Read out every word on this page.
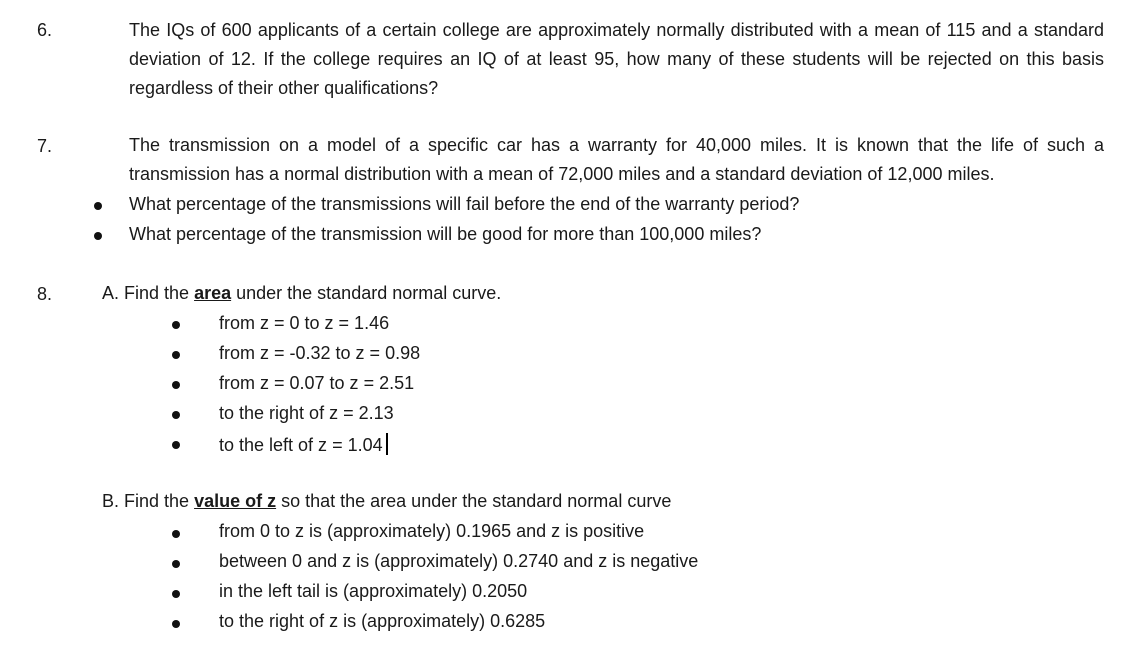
6.	The IQs of 600 applicants of a certain college are approximately normally distributed with a mean of 115 and a standard deviation of 12. If the college requires an IQ of at least 95, how many of these students will be rejected on this basis regardless of their other qualifications?
7.	The transmission on a model of a specific car has a warranty for 40,000 miles. It is known that the life of such a transmission has a normal distribution with a mean of 72,000 miles and a standard deviation of 12,000 miles.
What percentage of the transmissions will fail before the end of the warranty period?
What percentage of the transmission will be good for more than 100,000 miles?
8.	A. Find the area under the standard normal curve.
from z = 0 to z = 1.46
from z = -0.32 to z = 0.98
from z = 0.07 to z = 2.51
to the right of z = 2.13
to the left of z = 1.04
B. Find the value of z so that the area under the standard normal curve
from 0 to z is (approximately) 0.1965 and z is positive
between 0 and z is (approximately) 0.2740 and z is negative
in the left tail is (approximately) 0.2050
to the right of z is (approximately) 0.6285
